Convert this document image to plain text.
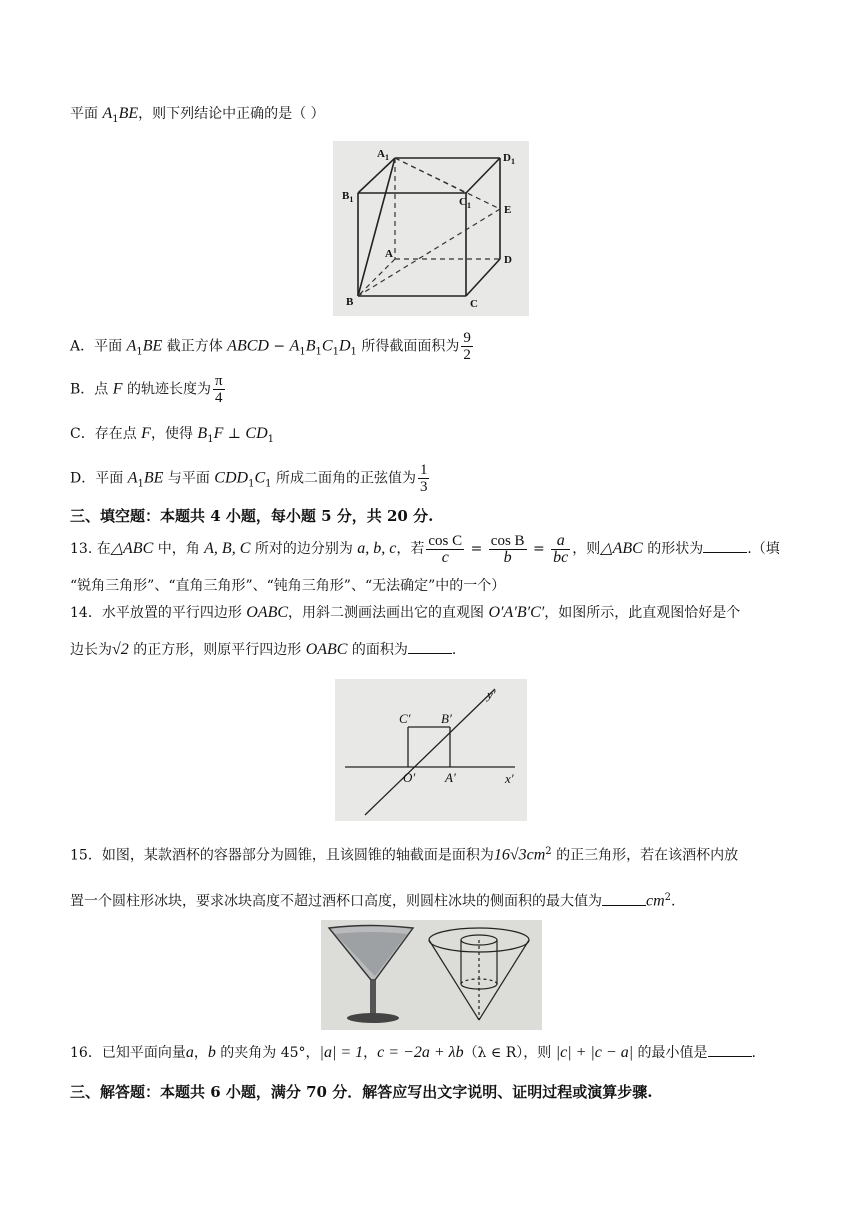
平面 $A_1BE$，则下列结论中正确的是（ ）
$A_1$	$D_1$
$B_1$	$C_1$	E
A	D
B	C
A．平面 $A_1BE$ 截正方体 ABCD − $A_1B_1C_1D_1$ 所得截面面积为 $\frac{9}{2}$
B．点 F 的轨迹长度为 $\frac{\pi}{4}$
C．存在点 F，使得 $B_1F$ ⊥ $CD_1$
D．平面 $A_1BE$ 与平面 $CDD_1C_1$ 所成二面角的正弦值为 $\frac{1}{3}$
三、填空题：本题共 4 小题，每小题 5 分，共 20 分.
13. 在△ABC 中，角 A, B, C 所对的边分别为 a, b, c，若 $\frac{\text{cos C}}{c} = \frac{\text{cos B}}{b} = \frac{a}{bc}$ ，则△ABC 的形状为	.（填
“锐角三角形”、“直角三角形”、“钝角三角形”、“无法确定”中的一个）
14．水平放置的平行四边形 OABC，用斜二测画法画出它的直观图 O′A′B′C′，如图所示，此直观图恰好是个
边长为√2 的正方形，则原平行四边形 OABC 的面积为	.
y′
C′ B′
O′ A′	x′
15．如图，某款酒杯的容器部分为圆锥，且该圆锥的轴截面是面积为$16√3cm^2$ 的正三角形，若在该酒杯内放
置一个圆柱形冰块，要求冰块高度不超过酒杯口高度，则圆柱冰块的侧面积的最大值为	$cm^2$.
16．已知平面向量a，b 的夹角为 45°，|a| = 1，c = −2a + λb（λ ∈ R），则 |c| + |c − a| 的最小值是	.
三、解答题：本题共 6 小题，满分 70 分．解答应写出文字说明、证明过程或演算步骤.
